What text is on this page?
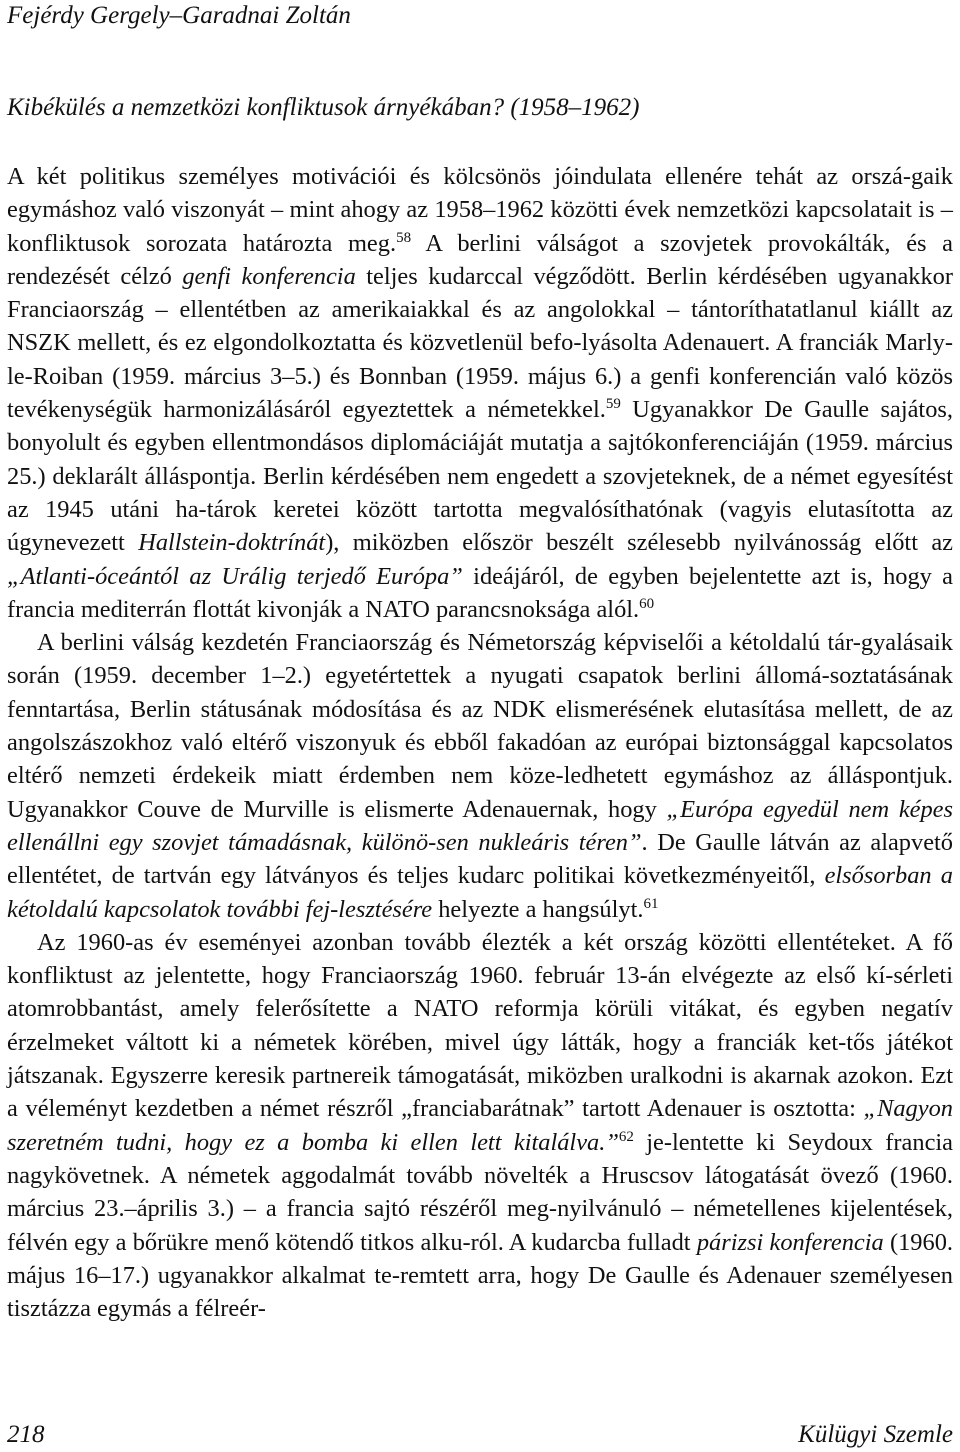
Fejérdy Gergely–Garadnai Zoltán
Kibékülés a nemzetközi konfliktusok árnyékában? (1958–1962)

A két politikus személyes motivációi és kölcsönös jóindulata ellenére tehát az orszá-gaik egymáshoz való viszonyát – mint ahogy az 1958–1962 közötti évek nemzetközi kapcsolatait is – konfliktusok sorozata határozta meg.$^{58}$ A berlini válságot a szovjetek provokálták, és a rendezését célzó genfi konferencia teljes kudarccal végződött. Berlin kérdésében ugyanakkor Franciaország – ellentétben az amerikaiakkal és az angolokkal – tántoríthatatlanul kiállt az NSZK mellett, és ez elgondolkoztatta és közvetlenül befo-lyásolta Adenauert. A franciák Marly-le-Roiban (1959. március 3–5.) és Bonnban (1959. május 6.) a genfi konferencián való közös tevékenységük harmonizálásáról egyeztettek a németekkel.$^{59}$ Ugyanakkor De Gaulle sajátos, bonyolult és egyben ellentmondásos diplomáciáját mutatja a sajtókonferenciáján (1959. március 25.) deklarált álláspontja. Berlin kérdésében nem engedett a szovjeteknek, de a német egyesítést az 1945 utáni ha-tárok keretei között tartotta megvalósíthatónak (vagyis elutasította az úgynevezett Hallstein-doktrínát), miközben először beszélt szélesebb nyilvánosság előtt az „Atlanti-óceántól az Urálig terjedő Európa” ideájáról, de egyben bejelentette azt is, hogy a francia mediterrán flottát kivonják a NATO parancsnoksága alól.$^{60}$

A berlini válság kezdetén Franciaország és Németország képviselői a kétoldalú tár-gyalásaik során (1959. december 1–2.) egyetértettek a nyugati csapatok berlini állomá-soztatásának fenntartása, Berlin státusának módosítása és az NDK elismerésének elutasítása mellett, de az angolszászokhoz való eltérő viszonyuk és ebből fakadóan az európai biztonsággal kapcsolatos eltérő nemzeti érdekeik miatt érdemben nem köze-ledhetett egymáshoz az álláspontjuk. Ugyanakkor Couve de Murville is elismerte Adenauernak, hogy „Európa egyedül nem képes ellenállni egy szovjet támadásnak, különö-sen nukleáris téren”. De Gaulle látván az alapvető ellentétet, de tartván egy látványos és teljes kudarc politikai következményeitől, elsősorban a kétoldalú kapcsolatok további fej-lesztésére helyezte a hangsúlyt.$^{61}$

Az 1960-as év eseményei azonban tovább élezték a két ország közötti ellentéteket. A fő konfliktust az jelentette, hogy Franciaország 1960. február 13-án elvégezte az első kí-sérleti atomrobbantást, amely felerősítette a NATO reformja körüli vitákat, és egyben negatív érzelmeket váltott ki a németek körében, mivel úgy látták, hogy a franciák ket-tős játékot játszanak. Egyszerre keresik partnereik támogatását, miközben uralkodni is akarnak azokon. Ezt a véleményt kezdetben a német részről „franciabarátnak” tartott Adenauer is osztotta: „Nagyon szeretném tudni, hogy ez a bomba ki ellen lett kitalálva.”$^{62}$ je-lentette ki Seydoux francia nagykövetnek. A németek aggodalmát tovább növelték a Hruscsov látogatását övező (1960. március 23.–április 3.) – a francia sajtó részéről meg-nyilvánuló – németellenes kijelentések, félvén egy a bőrükre menő kötendő titkos alku-ról. A kudarcba fulladt párizsi konferencia (1960. május 16–17.) ugyanakkor alkalmat te-remtett arra, hogy De Gaulle és Adenauer személyesen tisztázza egymás a félreér-

218	Külügyi Szemle
